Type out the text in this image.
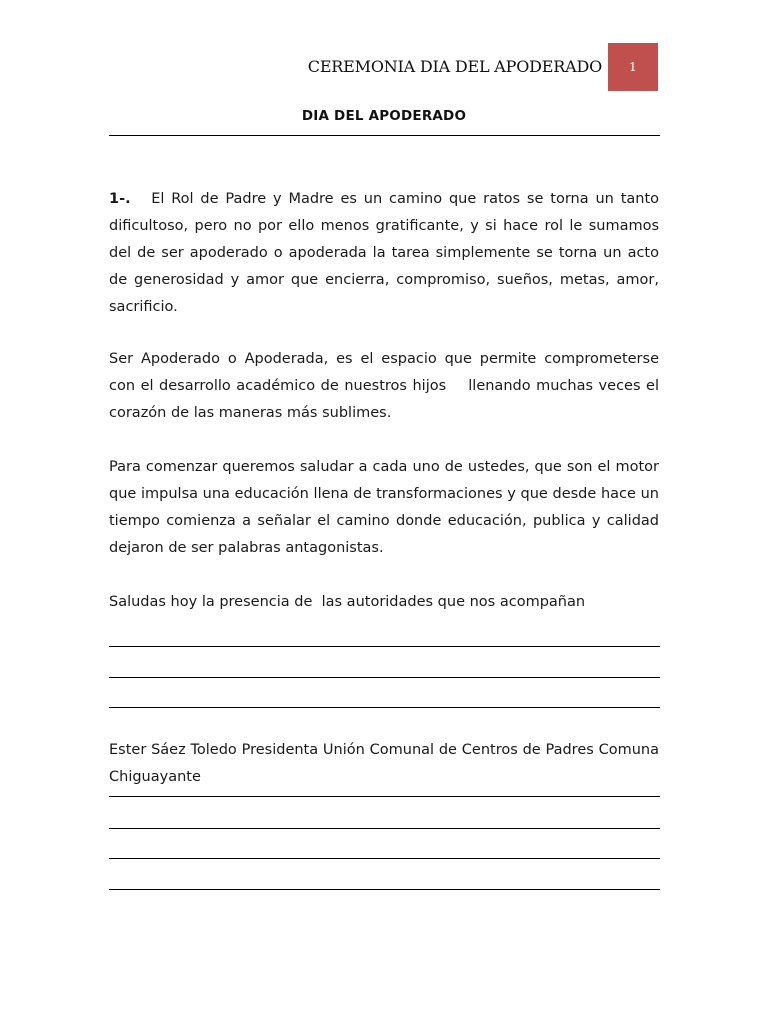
CEREMONIA DIA DEL APODERADO 1
DIA DEL APODERADO

1-. El Rol de Padre y Madre es un camino que ratos se torna un tanto dificultoso, pero no por ello menos gratificante, y si hace rol le sumamos del de ser apoderado o apoderada la tarea simplemente se torna un acto de generosidad y amor que encierra, compromiso, sueños, metas, amor, sacrificio.

Ser Apoderado o Apoderada, es el espacio que permite comprometerse con el desarrollo académico de nuestros hijos    llenando muchas veces el corazón de las maneras más sublimes.

Para comenzar queremos saludar a cada uno de ustedes, que son el motor que impulsa una educación llena de transformaciones y que desde hace un tiempo comienza a señalar el camino donde educación, publica y calidad dejaron de ser palabras antagonistas.

Saludas hoy la presencia de  las autoridades que nos acompañan

Ester Sáez Toledo Presidenta Unión Comunal de Centros de Padres Comuna Chiguayante
